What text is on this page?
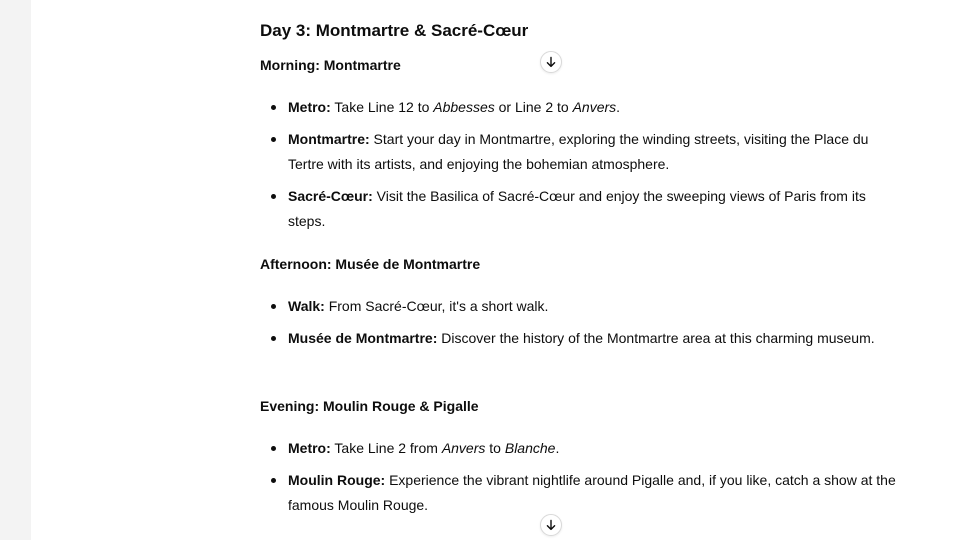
Day 3: Montmartre & Sacré-Cœur
Morning: Montmartre
Metro: Take Line 12 to Abbesses or Line 2 to Anvers.
Montmartre: Start your day in Montmartre, exploring the winding streets, visiting the Place du Tertre with its artists, and enjoying the bohemian atmosphere.
Sacré-Cœur: Visit the Basilica of Sacré-Cœur and enjoy the sweeping views of Paris from its steps.
Afternoon: Musée de Montmartre
Walk: From Sacré-Cœur, it's a short walk.
Musée de Montmartre: Discover the history of the Montmartre area at this charming museum.
Evening: Moulin Rouge & Pigalle
Metro: Take Line 2 from Anvers to Blanche.
Moulin Rouge: Experience the vibrant nightlife around Pigalle and, if you like, catch a show at the famous Moulin Rouge.
